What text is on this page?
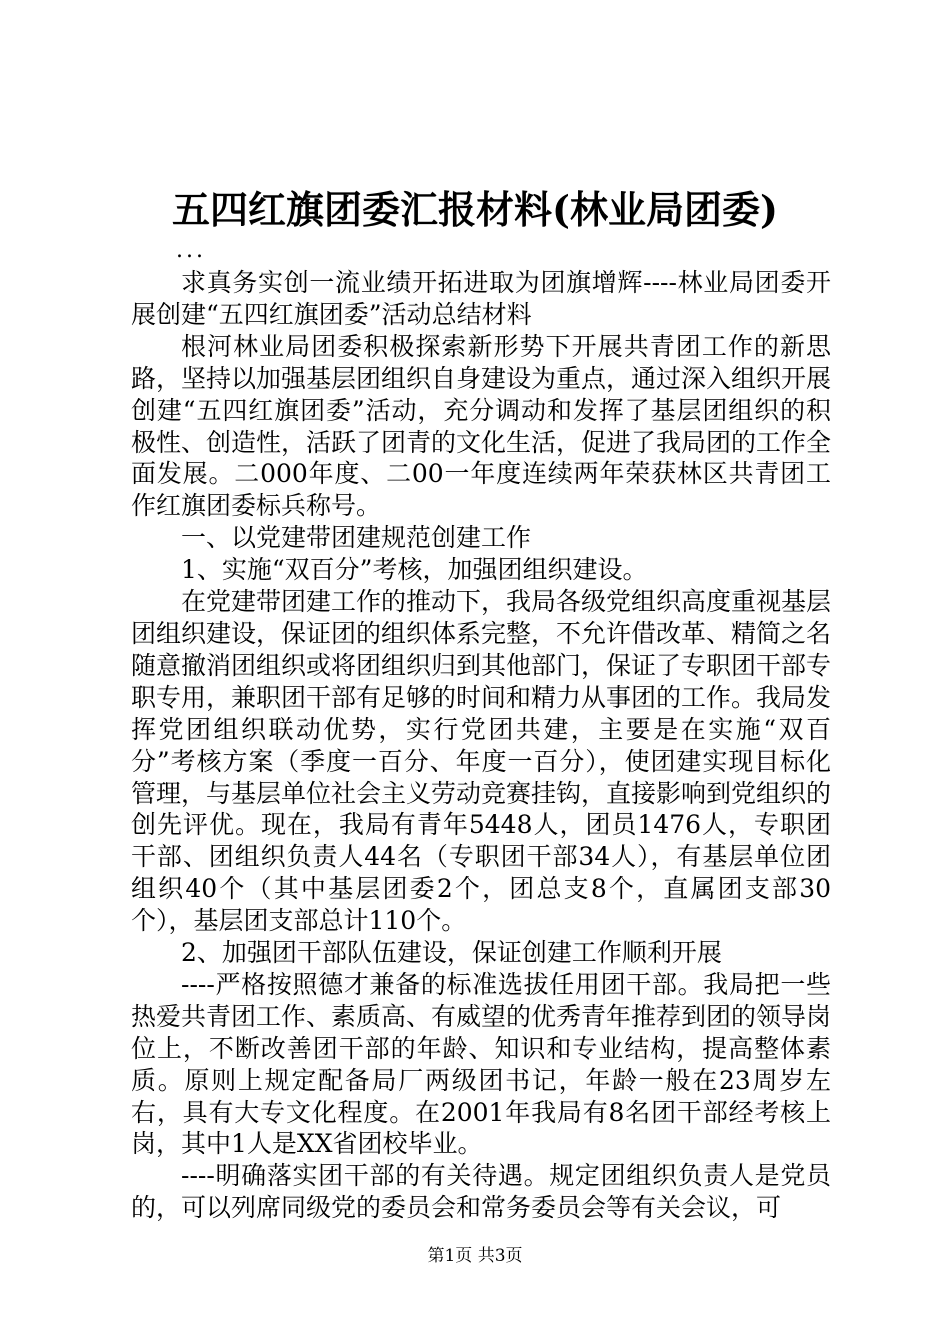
五四红旗团委汇报材料(林业局团委)
...

求真务实创一流业绩开拓进取为团旗增辉----林业局团委开展创建“五四红旗团委”活动总结材料

根河林业局团委积极探索新形势下开展共青团工作的新思路，坚持以加强基层团组织自身建设为重点，通过深入组织开展创建“五四红旗团委”活动，充分调动和发挥了基层团组织的积极性、创造性，活跃了团青的文化生活，促进了我局团的工作全面发展。二000年度、二00一年度连续两年荣获林区共青团工作红旗团委标兵称号。

一、以党建带团建规范创建工作

1、实施“双百分”考核，加强团组织建设。

在党建带团建工作的推动下，我局各级党组织高度重视基层团组织建设，保证团的组织体系完整，不允许借改革、精简之名随意撤消团组织或将团组织归到其他部门，保证了专职团干部专职专用，兼职团干部有足够的时间和精力从事团的工作。我局发挥党团组织联动优势，实行党团共建，主要是在实施“双百分”考核方案（季度一百分、年度一百分），使团建实现目标化管理，与基层单位社会主义劳动竞赛挂钩，直接影响到党组织的创先评优。现在，我局有青年5448人，团员1476人，专职团干部、团组织负责人44名（专职团干部34人），有基层单位团组织40个（其中基层团委2个，团总支8个，直属团支部30个），基层团支部总计110个。

2、加强团干部队伍建设，保证创建工作顺利开展

----严格按照德才兼备的标准选拔任用团干部。我局把一些热爱共青团工作、素质高、有威望的优秀青年推荐到团的领导岗位上，不断改善团干部的年龄、知识和专业结构，提高整体素质。原则上规定配备局厂两级团书记，年龄一般在23周岁左右，具有大专文化程度。在2001年我局有8名团干部经考核上岗，其中1人是XX省团校毕业。

----明确落实团干部的有关待遇。规定团组织负责人是党员的，可以列席同级党的委员会和常务委员会等有关会议，可

第1页 共3页
